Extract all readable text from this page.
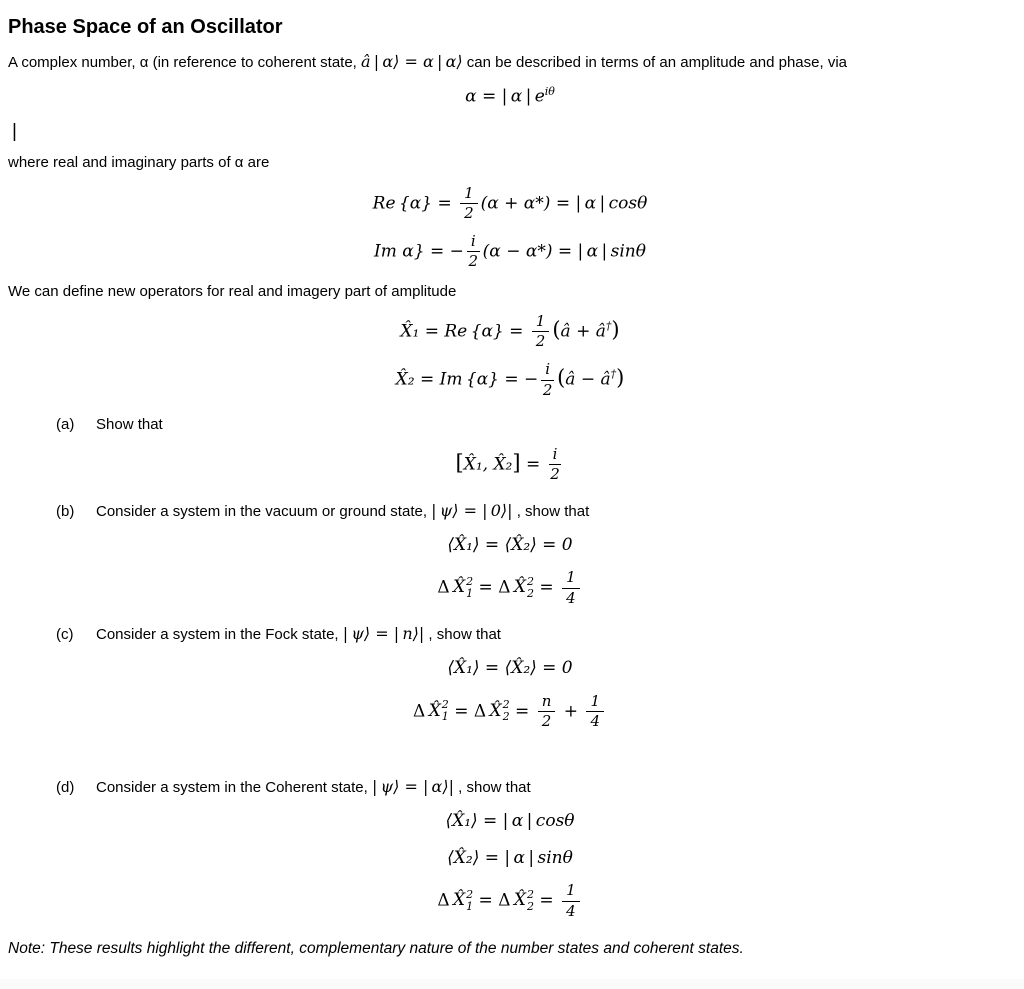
Phase Space of an Oscillator

A complex number, α (in reference to coherent state, â | α⟩ = α | α⟩ can be described in terms of an amplitude and phase, via

α = | α | $e^{i\theta}$
|

where real and imaginary parts of α are

Re $\{\alpha\} = \frac{1}{2} (\alpha + \alpha*)$ = | α | cosθ
Im α} = − $\frac{i}{2} (\alpha - \alpha*)$ = | α | sinθ

We can define new operators for real and imagery part of amplitude

X̂₁ = Re $\{\alpha\} = \frac{1}{2}$ (â + â†)
X̂₂ = Im {α} = − $\frac{i}{2}$ (â − â†)
(a) Show that
[X̂₁, X̂₂] = $\frac{i}{2}$
(b) Consider a system in the vacuum or ground state, | ψ⟩ = | 0⟩| , show that
⟨X̂₁⟩ = ⟨X̂₂⟩ = 0
Δ  X̂ 2
1 = Δ  X̂ 2
$2 = \frac{1}{4}$
(c) Consider a system in the Fock state, | ψ⟩ = | n⟩| , show that
⟨X̂₁⟩ = ⟨X̂₂⟩ = 0
Δ  X̂ 2
1 = Δ  X̂ 2
$2 = \frac{n}{2} + \frac{1}{4}$
(d) Consider a system in the Coherent state, | ψ⟩ = | α⟩| , show that
⟨X̂₁⟩ = | α | cosθ
⟨X̂₂⟩ = | α | sinθ
Δ  X̂ 2
1 = Δ  X̂ 2
$2 = \frac{1}{4}$

Note: These results highlight the different, complementary nature of the number states and coherent states.
